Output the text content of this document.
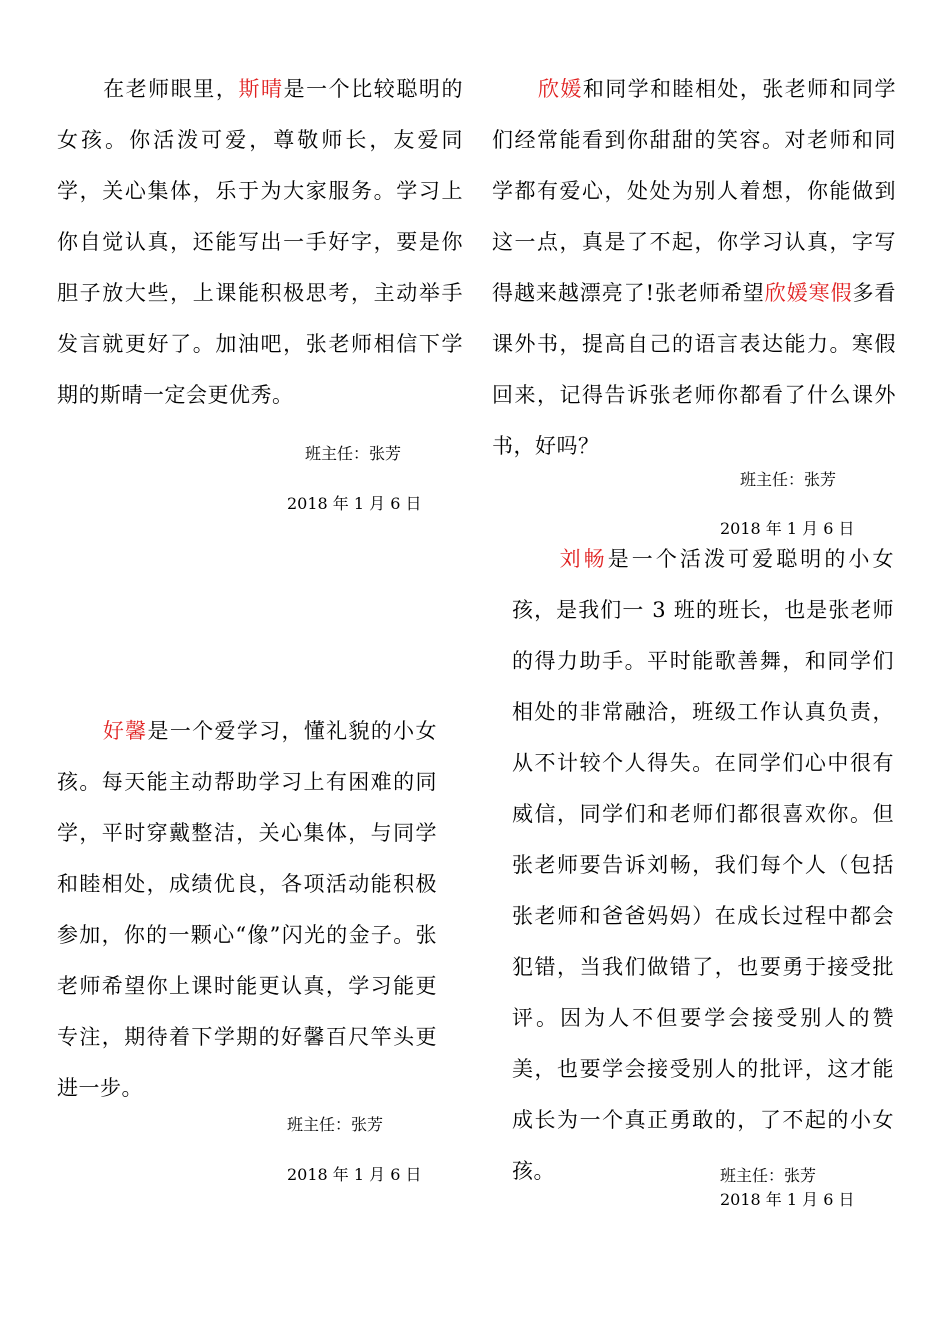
在老师眼里，斯晴是一个比较聪明的女孩。你活泼可爱，尊敬师长，友爱同学，关心集体，乐于为大家服务。学习上你自觉认真，还能写出一手好字，要是你胆子放大些，上课能积极思考，主动举手发言就更好了。加油吧，张老师相信下学期的斯晴一定会更优秀。
班主任：张芳
2018 年 1 月 6 日
欣媛和同学和睦相处，张老师和同学们经常能看到你甜甜的笑容。对老师和同学都有爱心，处处为别人着想，你能做到这一点，真是了不起，你学习认真，字写得越来越漂亮了!张老师希望欣媛寒假多看课外书，提高自己的语言表达能力。寒假回来，记得告诉张老师你都看了什么课外书，好吗？
班主任：张芳
2018 年 1 月 6 日
好馨是一个爱学习，懂礼貌的小女孩。每天能主动帮助学习上有困难的同学，平时穿戴整洁，关心集体，与同学和睦相处，成绩优良，各项活动能积极参加，你的一颗心“像”闪光的金子。张老师希望你上课时能更认真，学习能更专注，期待着下学期的好馨百尺竿头更进一步。
班主任：张芳
2018 年 1 月 6 日
刘畅是一个活泼可爱聪明的小女孩，是我们一 3 班的班长，也是张老师的得力助手。平时能歌善舞，和同学们相处的非常融洽，班级工作认真负责，从不计较个人得失。在同学们心中很有威信，同学们和老师们都很喜欢你。但张老师要告诉刘畅，我们每个人（包括张老师和爸爸妈妈）在成长过程中都会犯错，当我们做错了，也要勇于接受批评。因为人不但要学会接受别人的赞美，也要学会接受别人的批评，这才能成长为一个真正勇敢的，了不起的小女孩。	班主任：张芳
2018 年 1 月 6 日
